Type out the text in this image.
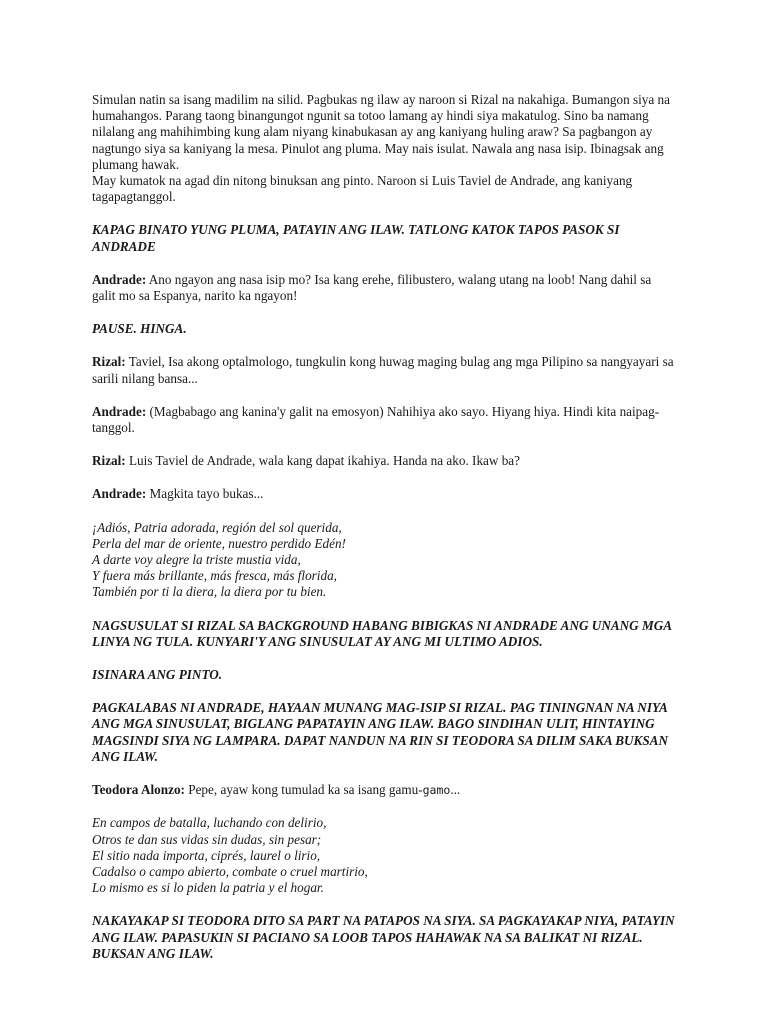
Simulan natin sa isang madilim na silid. Pagbukas ng ilaw ay naroon si Rizal na nakahiga. Bumangon siya na humahangos. Parang taong binangungot ngunit sa totoo lamang ay hindi siya makatulog. Sino ba namang nilalang ang mahihimbing kung alam niyang kinabukasan ay ang kaniyang huling araw? Sa pagbangon ay nagtungo siya sa kaniyang la mesa. Pinulot ang pluma. May nais isulat. Nawala ang nasa isip. Ibinagsak ang plumang hawak.

May kumatok na agad din nitong binuksan ang pinto. Naroon si Luis Taviel de Andrade, ang kaniyang tagapagtanggol.

KAPAG BINATO YUNG PLUMA, PATAYIN ANG ILAW. TATLONG KATOK TAPOS PASOK SI ANDRADE

Andrade: Ano ngayon ang nasa isip mo? Isa kang erehe, filibustero, walang utang na loob! Nang dahil sa galit mo sa Espanya, narito ka ngayon!

PAUSE. HINGA.

Rizal: Taviel, Isa akong optalmologo, tungkulin kong huwag maging bulag ang mga Pilipino sa nangyayari sa sarili nilang bansa...

Andrade: (Magbabago ang kanina'y galit na emosyon) Nahihiya ako sayo. Hiyang hiya. Hindi kita naipag-tanggol.

Rizal: Luis Taviel de Andrade, wala kang dapat ikahiya. Handa na ako. Ikaw ba?

Andrade: Magkita tayo bukas...

¡Adiós, Patria adorada, región del sol querida,
Perla del mar de oriente, nuestro perdido Edén!
A darte voy alegre la triste mustia vida,
Y fuera más brillante, más fresca, más florida,
También por ti la diera, la diera por tu bien.

NAGSUSULAT SI RIZAL SA BACKGROUND HABANG BIBIGKAS NI ANDRADE ANG UNANG MGA LINYA NG TULA. KUNYARI'Y ANG SINUSULAT AY ANG MI ULTIMO ADIOS.

ISINARA ANG PINTO.

PAGKALABAS NI ANDRADE, HAYAAN MUNANG MAG-ISIP SI RIZAL. PAG TININGNAN NA NIYA ANG MGA SINUSULAT, BIGLANG PAPATAYIN ANG ILAW. BAGO SINDIHAN ULIT, HINTAYING MAGSINDI SIYA NG LAMPARA. DAPAT NANDUN NA RIN SI TEODORA SA DILIM SAKA BUKSAN ANG ILAW.

Teodora Alonzo: Pepe, ayaw kong tumulad ka sa isang gamu-gamo...

En campos de batalla, luchando con delirio,
Otros te dan sus vidas sin dudas, sin pesar;
El sitio nada importa, ciprés, laurel o lirio,
Cadalso o campo abierto, combate o cruel martirio,
Lo mismo es si lo piden la patria y el hogar.

NAKAYAKAP SI TEODORA DITO SA PART NA PATAPOS NA SIYA. SA PAGKAYAKAP NIYA, PATAYIN ANG ILAW. PAPASUKIN SI PACIANO SA LOOB TAPOS HAHAWAK NA SA BALIKAT NI RIZAL. BUKSAN ANG ILAW.
